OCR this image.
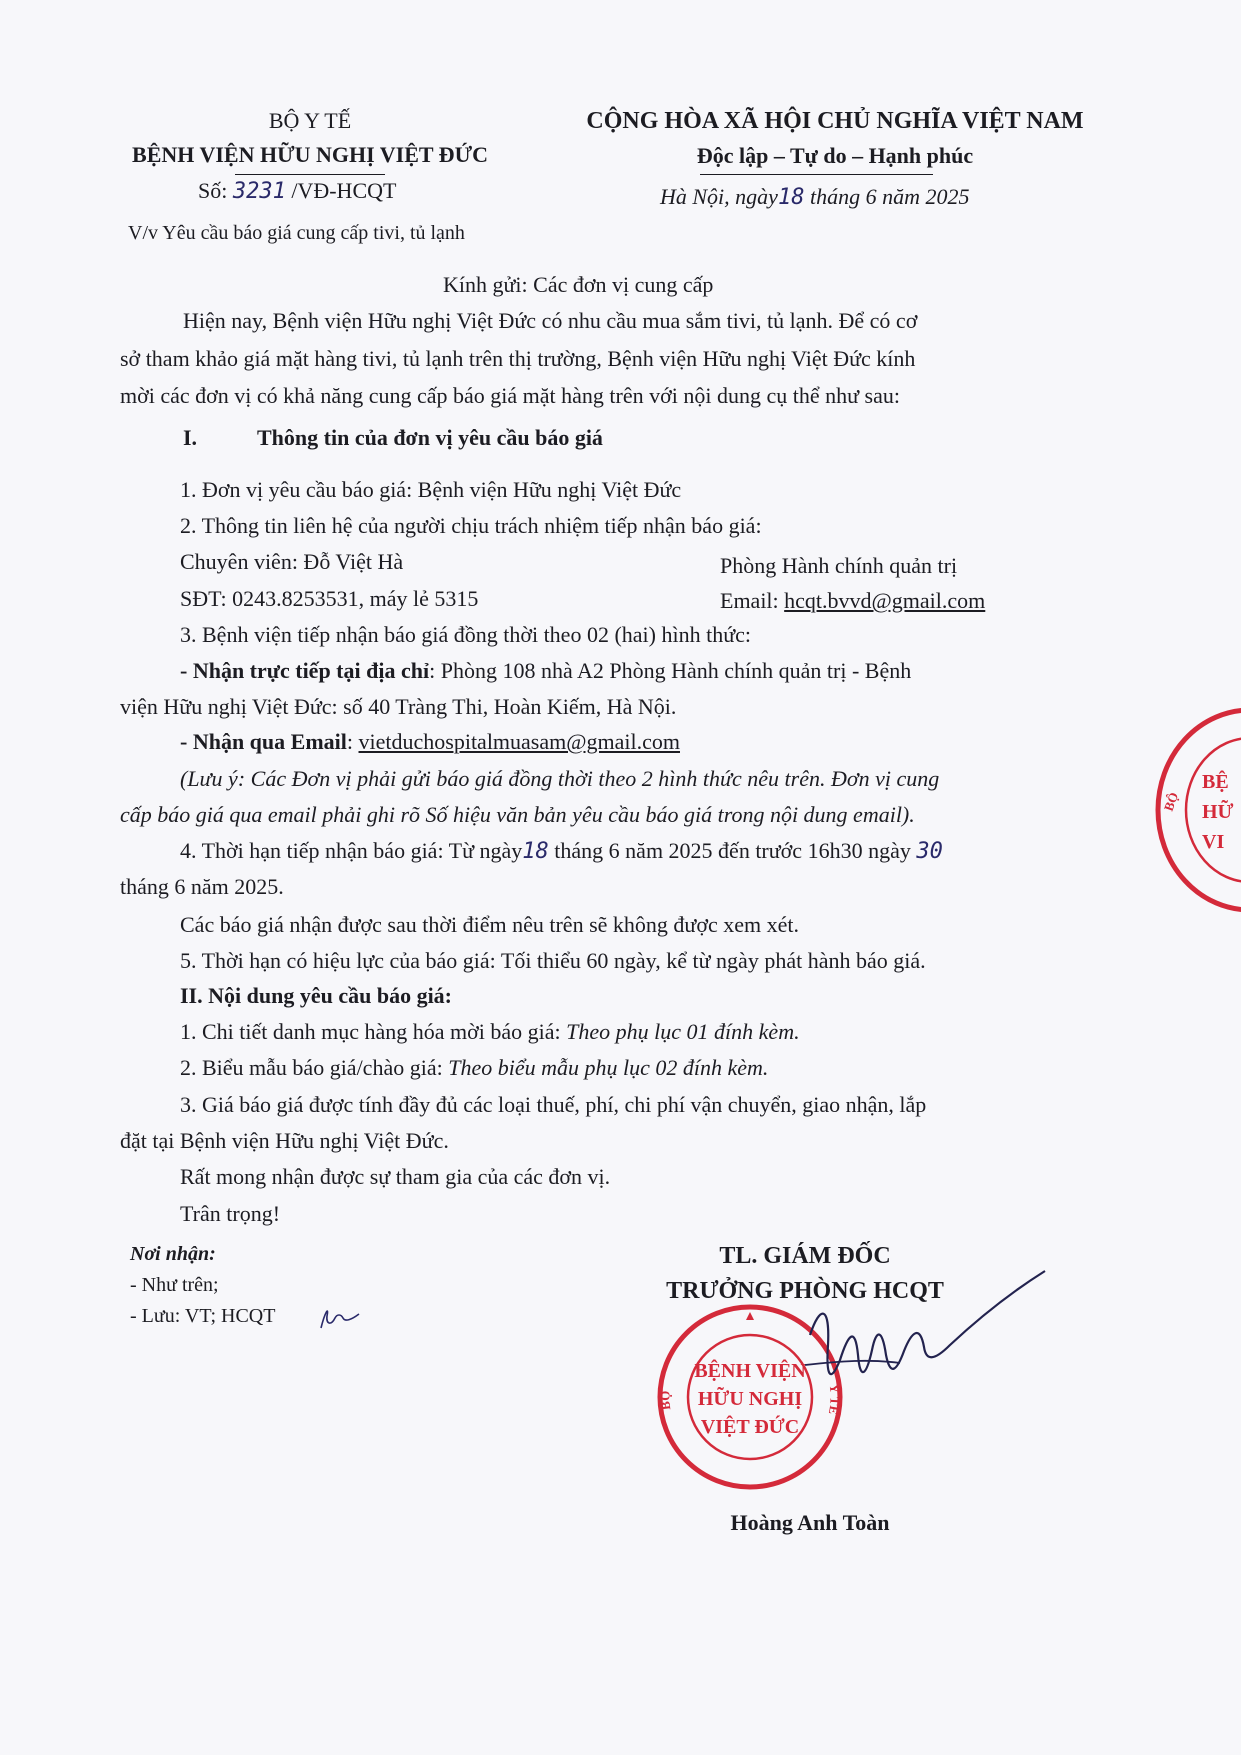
BỘ Y TẾ
BỆNH VIỆN HỮU NGHỊ VIỆT ĐỨC
Số: 3231 /VĐ-HCQT
V/v Yêu cầu báo giá cung cấp tivi, tủ lạnh
CỘNG HÒA XÃ HỘI CHỦ NGHĨA VIỆT NAM
Độc lập – Tự do – Hạnh phúc
Hà Nội, ngày18 tháng 6 năm 2025
Kính gửi: Các đơn vị cung cấp
Hiện nay, Bệnh viện Hữu nghị Việt Đức có nhu cầu mua sắm tivi, tủ lạnh. Để có cơ
sở tham khảo giá mặt hàng tivi, tủ lạnh trên thị trường, Bệnh viện Hữu nghị Việt Đức kính
mời các đơn vị có khả năng cung cấp báo giá mặt hàng trên với nội dung cụ thể như sau:
I.	Thông tin của đơn vị yêu cầu báo giá
1. Đơn vị yêu cầu báo giá: Bệnh viện Hữu nghị Việt Đức
2. Thông tin liên hệ của người chịu trách nhiệm tiếp nhận báo giá:
Chuyên viên: Đỗ Việt Hà	Phòng Hành chính quản trị
SĐT: 0243.8253531, máy lẻ 5315	Email: hcqt.bvvd@gmail.com
3. Bệnh viện tiếp nhận báo giá đồng thời theo 02 (hai) hình thức:
- Nhận trực tiếp tại địa chỉ: Phòng 108 nhà A2 Phòng Hành chính quản trị - Bệnh
viện Hữu nghị Việt Đức: số 40 Tràng Thi, Hoàn Kiếm, Hà Nội.
- Nhận qua Email: vietduchospitalmuasam@gmail.com
(Lưu ý: Các Đơn vị phải gửi báo giá đồng thời theo 2 hình thức nêu trên. Đơn vị cung
cấp báo giá qua email phải ghi rõ Số hiệu văn bản yêu cầu báo giá trong nội dung email).
4. Thời hạn tiếp nhận báo giá: Từ ngày18 tháng 6 năm 2025 đến trước 16h30 ngày 30
tháng 6 năm 2025.
Các báo giá nhận được sau thời điểm nêu trên sẽ không được xem xét.
5. Thời hạn có hiệu lực của báo giá: Tối thiểu 60 ngày, kể từ ngày phát hành báo giá.
II. Nội dung yêu cầu báo giá:
1. Chi tiết danh mục hàng hóa mời báo giá: Theo phụ lục 01 đính kèm.
2. Biểu mẫu báo giá/chào giá: Theo biểu mẫu phụ lục 02 đính kèm.
3. Giá báo giá được tính đầy đủ các loại thuế, phí, chi phí vận chuyển, giao nhận, lắp
đặt tại Bệnh viện Hữu nghị Việt Đức.
Rất mong nhận được sự tham gia của các đơn vị.
Trân trọng!
Nơi nhận:
- Như trên;
- Lưu: VT; HCQT
TL. GIÁM ĐỐC
TRƯỞNG PHÒNG HCQT
BỘ
Y TẾ
BỆNH VIỆN
HỮU NGHỊ
VIỆT ĐỨC
Hoàng Anh Toàn
BỘ
BỆ
HỮ
VI
